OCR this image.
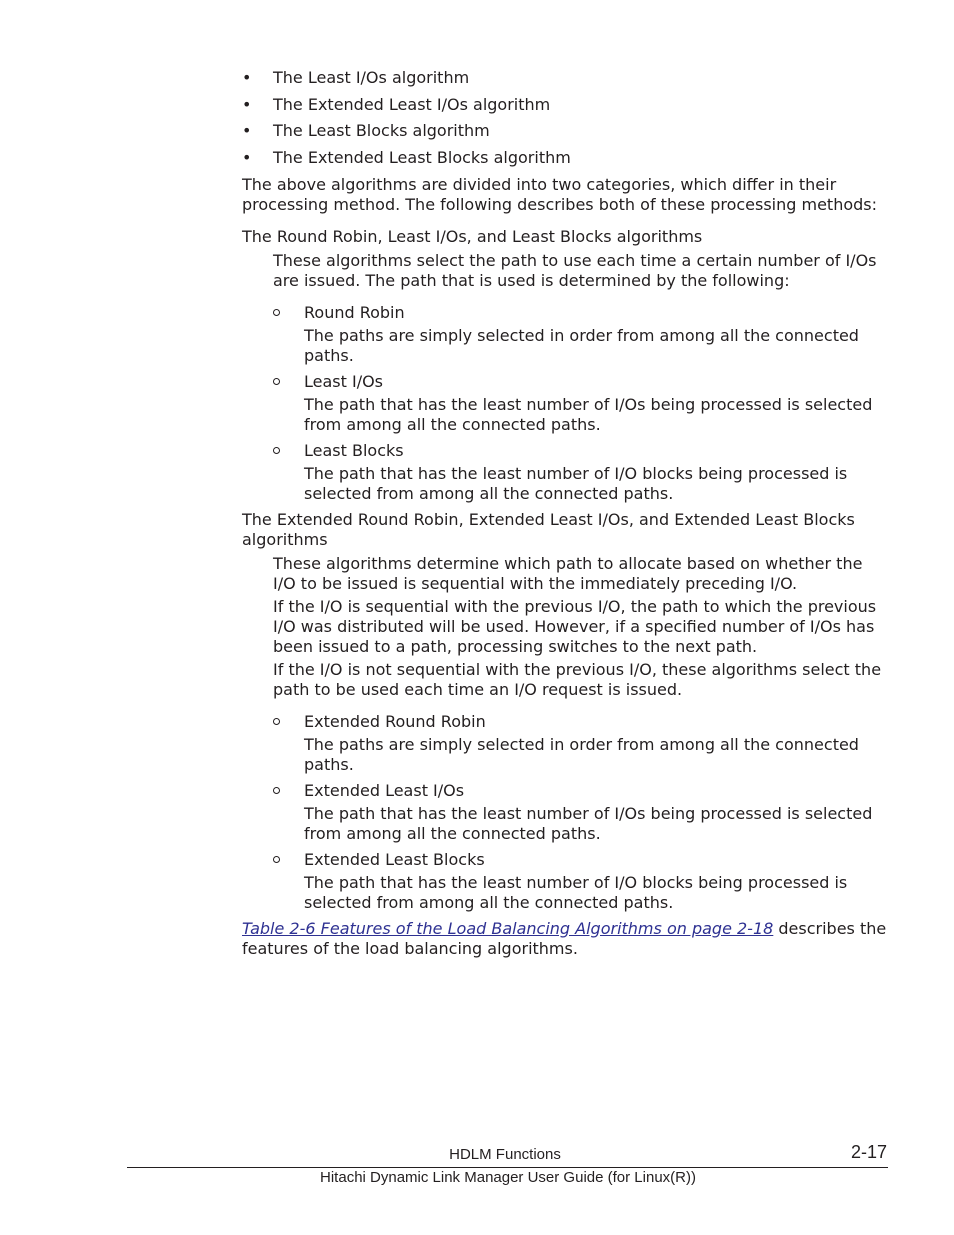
• The Least I/Os algorithm
• The Extended Least I/Os algorithm
• The Least Blocks algorithm
• The Extended Least Blocks algorithm

The above algorithms are divided into two categories, which differ in their processing method. The following describes both of these processing methods:

The Round Robin, Least I/Os, and Least Blocks algorithms

These algorithms select the path to use each time a certain number of I/Os are issued. The path that is used is determined by the following:

Round Robin

The paths are simply selected in order from among all the connected paths.

Least I/Os

The path that has the least number of I/Os being processed is selected from among all the connected paths.

Least Blocks

The path that has the least number of I/O blocks being processed is selected from among all the connected paths.

The Extended Round Robin, Extended Least I/Os, and Extended Least Blocks algorithms

These algorithms determine which path to allocate based on whether the I/O to be issued is sequential with the immediately preceding I/O.

If the I/O is sequential with the previous I/O, the path to which the previous I/O was distributed will be used. However, if a specified number of I/Os has been issued to a path, processing switches to the next path.

If the I/O is not sequential with the previous I/O, these algorithms select the path to be used each time an I/O request is issued.

Extended Round Robin

The paths are simply selected in order from among all the connected paths.

Extended Least I/Os

The path that has the least number of I/Os being processed is selected from among all the connected paths.

Extended Least Blocks

The path that has the least number of I/O blocks being processed is selected from among all the connected paths.

Table 2-6 Features of the Load Balancing Algorithms on page 2-18 describes the features of the load balancing algorithms.

HDLM Functions	2-17
Hitachi Dynamic Link Manager User Guide (for Linux(R))
